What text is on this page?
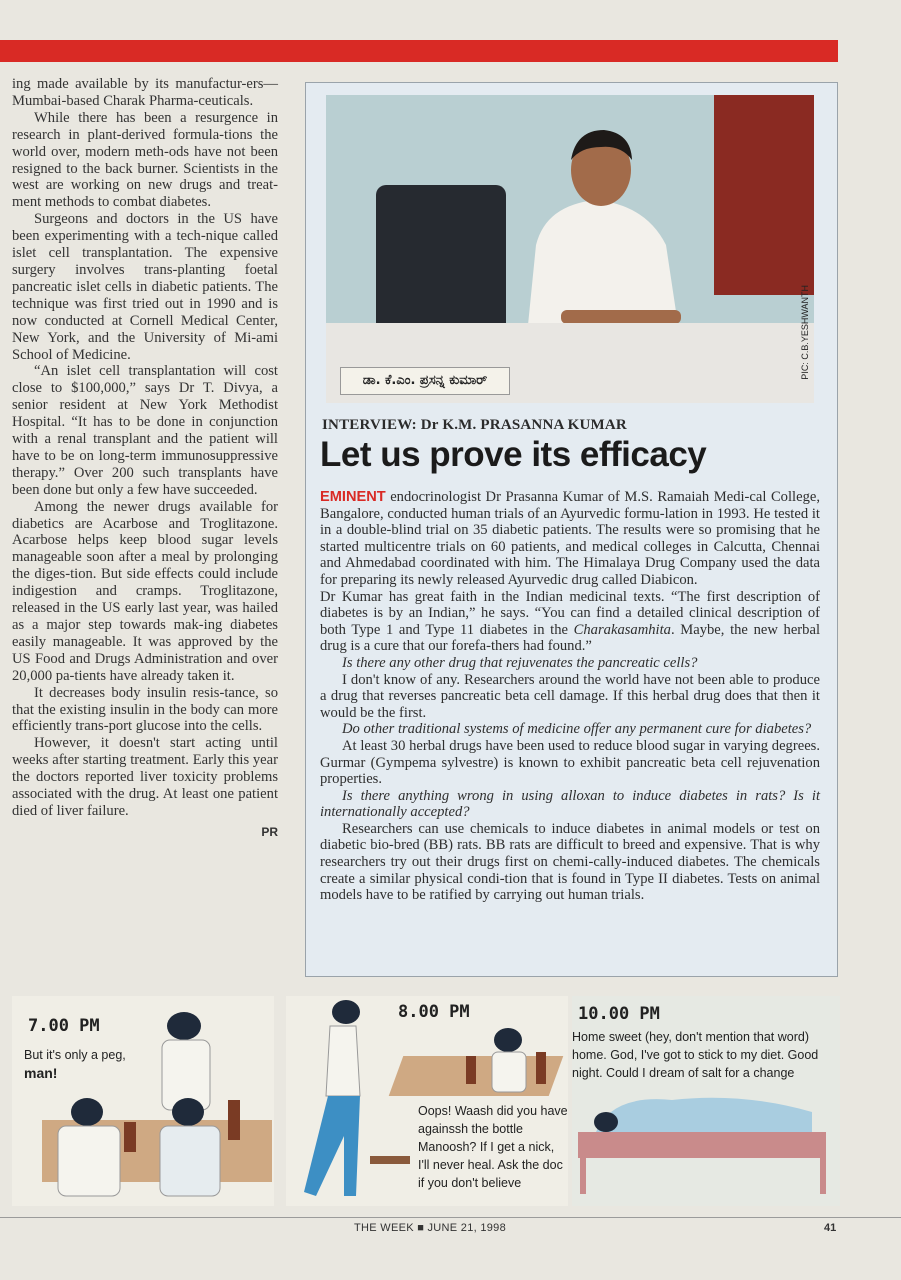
ing made available by its manufactur-ers—Mumbai-based Charak Pharma-ceuticals.

While there has been a resurgence in research in plant-derived formula-tions the world over, modern meth-ods have not been resigned to the back burner. Scientists in the west are working on new drugs and treat-ment methods to combat diabetes.

Surgeons and doctors in the US have been experimenting with a tech-nique called islet cell transplantation. The expensive surgery involves trans-planting foetal pancreatic islet cells in diabetic patients. The technique was first tried out in 1990 and is now conducted at Cornell Medical Center, New York, and the University of Mi-ami School of Medicine.

“An islet cell transplantation will cost close to $100,000,” says Dr T. Divya, a senior resident at New York Methodist Hospital. “It has to be done in conjunction with a renal transplant and the patient will have to be on long-term immunosuppressive therapy.” Over 200 such transplants have been done but only a few have succeeded.

Among the newer drugs available for diabetics are Acarbose and Troglitazone. Acarbose helps keep blood sugar levels manageable soon after a meal by prolonging the diges-tion. But side effects could include indigestion and cramps. Troglitazone, released in the US early last year, was hailed as a major step towards mak-ing diabetes easily manageable. It was approved by the US Food and Drugs Administration and over 20,000 pa-tients have already taken it.

It decreases body insulin resis-tance, so that the existing insulin in the body can more efficiently trans-port glucose into the cells.

However, it doesn't start acting until weeks after starting treatment. Early this year the doctors reported liver toxicity problems associated with the drug. At least one patient died of liver failure.

PR
ಡಾ. ಕೆ.ಎಂ. ಪ್ರಸನ್ನ ಕುಮಾರ್
PIC: C.B.YESHWANTH
INTERVIEW: Dr K.M. PRASANNA KUMAR
Let us prove its efficacy

EMINENT endocrinologist Dr Prasanna Kumar of M.S. Ramaiah Medi-cal College, Bangalore, conducted human trials of an Ayurvedic formu-lation in 1993. He tested it in a double-blind trial on 35 diabetic patients. The results were so promising that he started multicentre trials on 60 patients, and medical colleges in Calcutta, Chennai and Ahmedabad coordinated with him. The Himalaya Drug Company used the data for preparing its newly released Ayurvedic drug called Diabicon.

Dr Kumar has great faith in the Indian medicinal texts. “The first description of diabetes is by an Indian,” he says. “You can find a detailed clinical description of both Type 1 and Type 11 diabetes in the Charakasamhita. Maybe, the new herbal drug is a cure that our forefa-thers had found.”

Is there any other drug that rejuvenates the pancreatic cells?

I don't know of any. Researchers around the world have not been able to produce a drug that reverses pancreatic beta cell damage. If this herbal drug does that then it would be the first.

Do other traditional systems of medicine offer any permanent cure for diabetes?

At least 30 herbal drugs have been used to reduce blood sugar in varying degrees. Gurmar (Gympema sylvestre) is known to exhibit pancreatic beta cell rejuvenation properties.

Is there anything wrong in using alloxan to induce diabetes in rats? Is it internationally accepted?

Researchers can use chemicals to induce diabetes in animal models or test on diabetic bio-bred (BB) rats. BB rats are difficult to breed and expensive. That is why researchers try out their drugs first on chemi-cally-induced diabetes. The chemicals create a similar physical condi-tion that is found in Type II diabetes. Tests on animal models have to be ratified by carrying out human trials.

7.00 PM
But it's only a peg,
man!
8.00 PM
Oops! Waash did you have againssh the bottle Manoosh? If I get a nick, I'll never heal. Ask the doc if you don't believe
10.00 PM
Home sweet (hey, don't mention that word) home. God, I've got to stick to my diet. Good night. Could I dream of salt for a change
THE WEEK ■ JUNE 21, 1998	41
